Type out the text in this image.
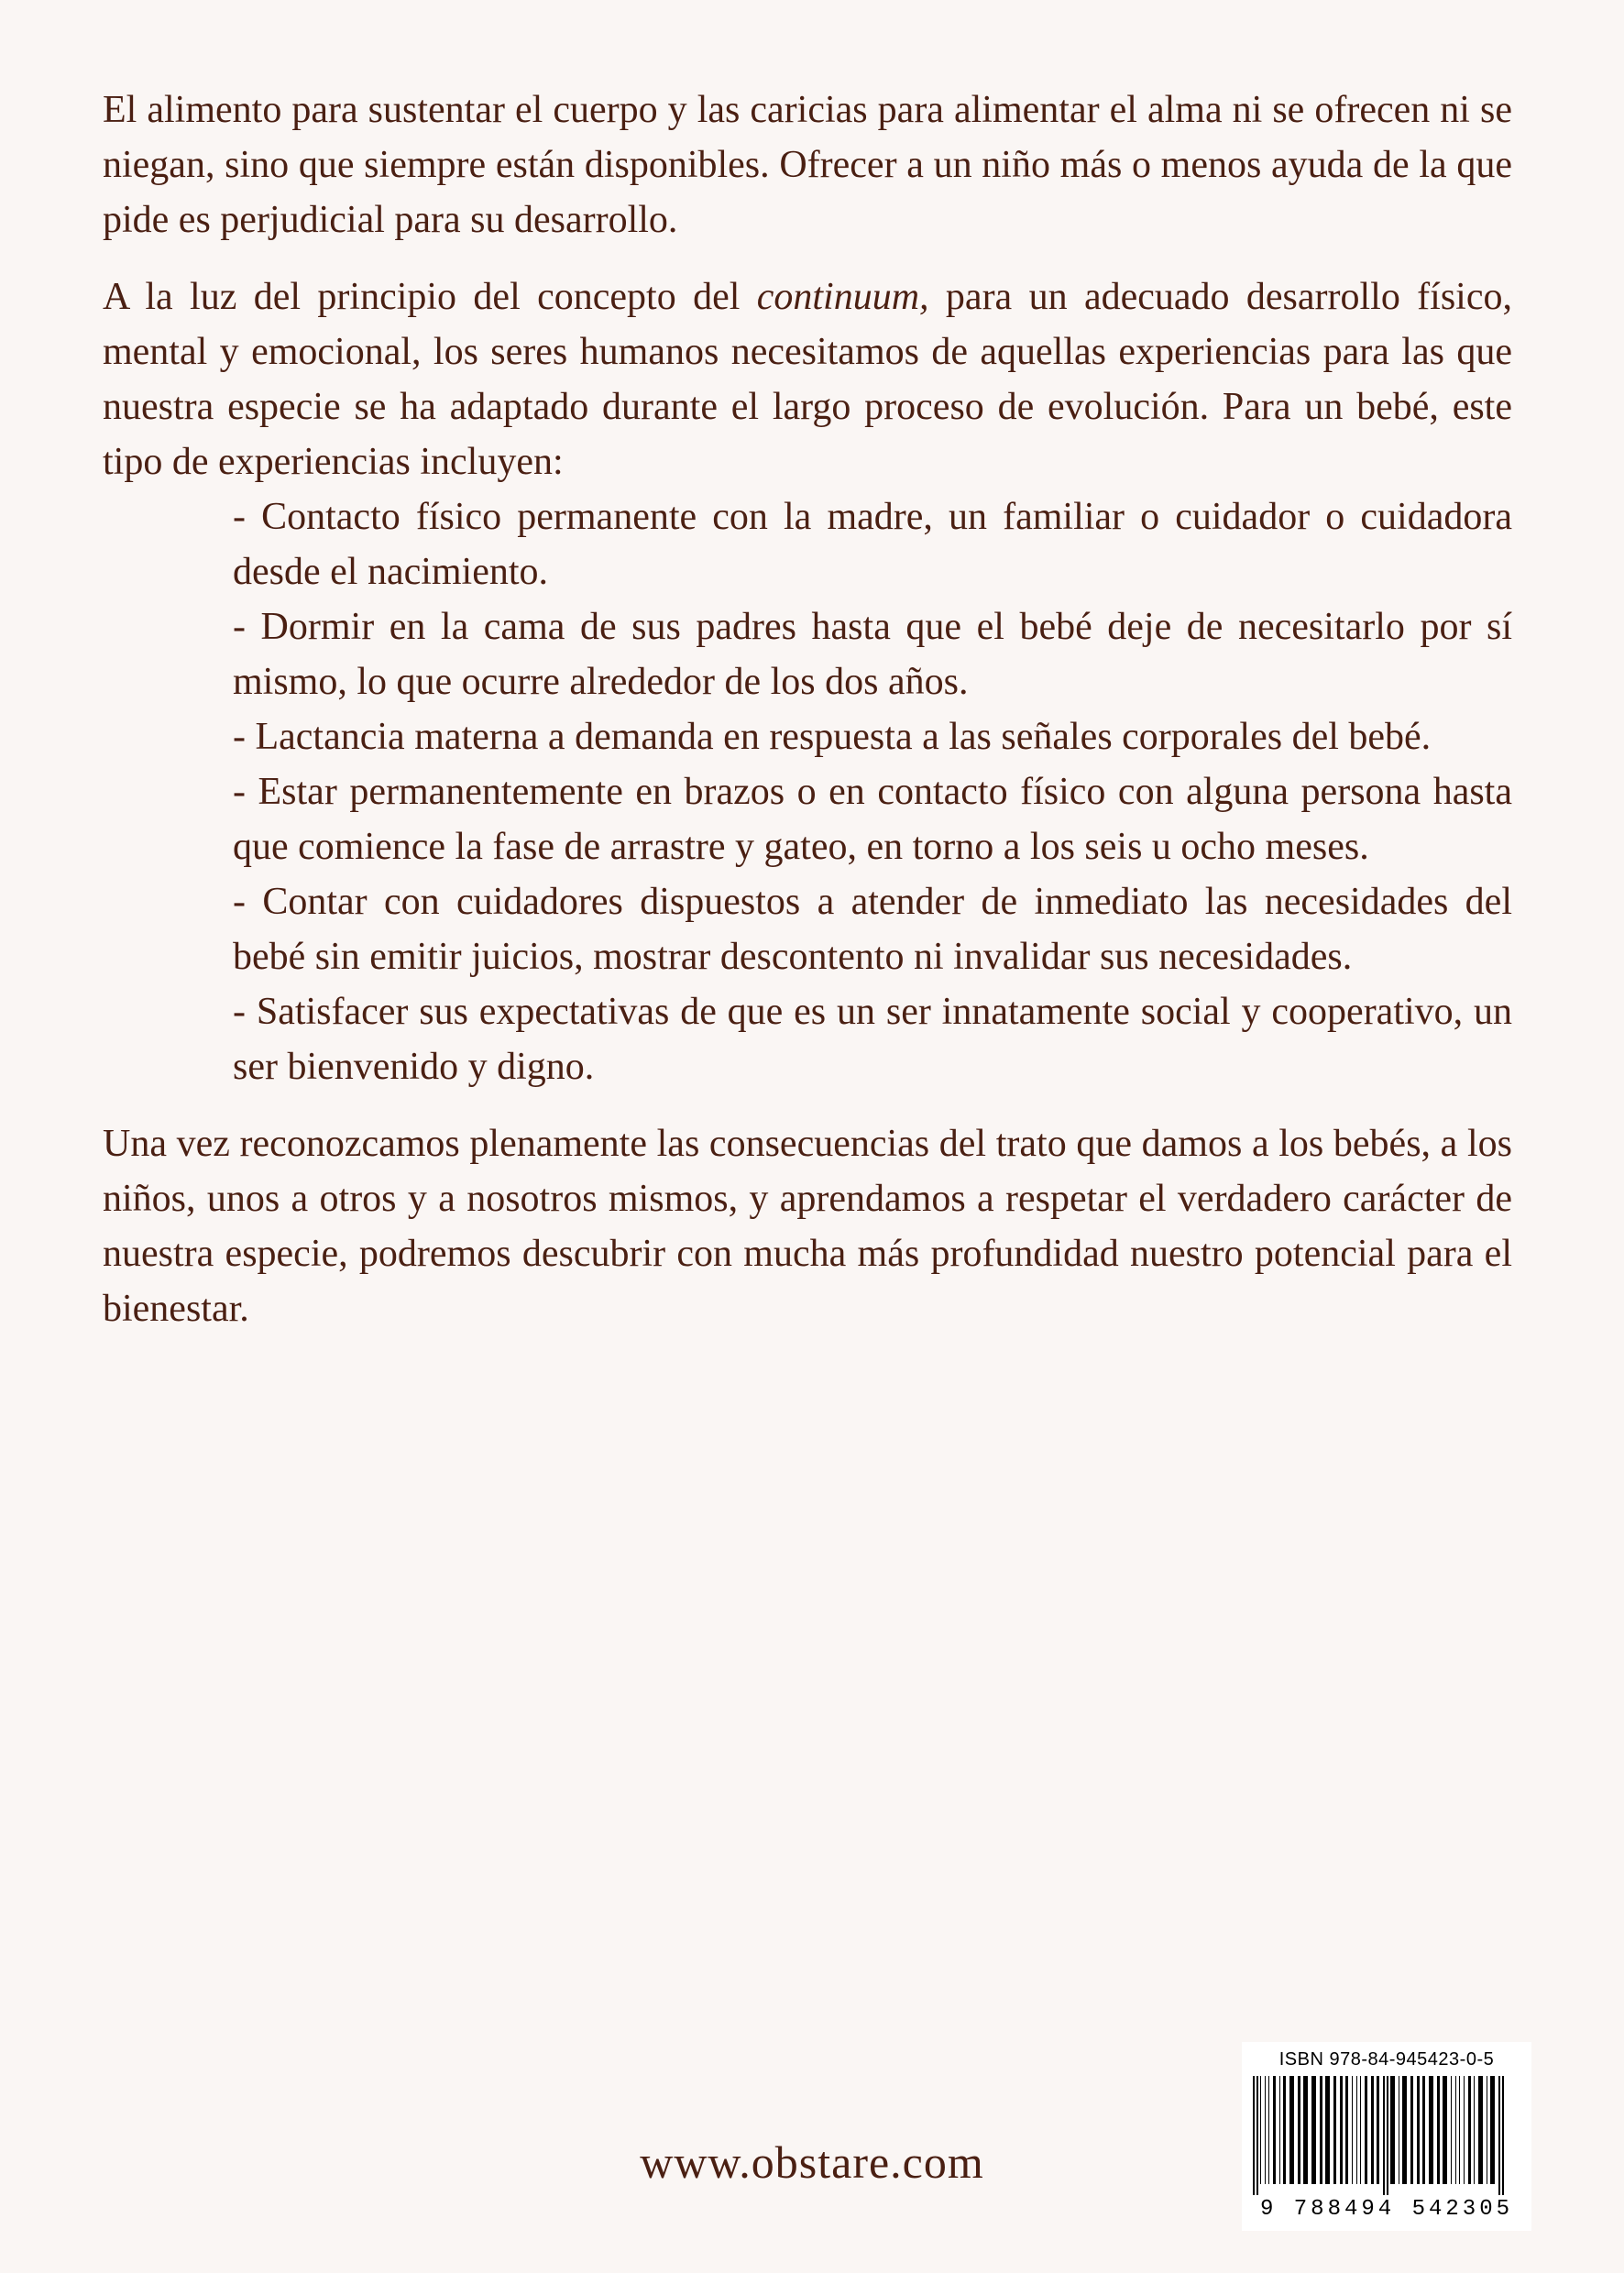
El alimento para sustentar el cuerpo y las caricias para alimentar el alma ni se ofrecen ni se niegan, sino que siempre están disponibles. Ofrecer a un niño más o menos ayuda de la que pide es perjudicial para su desarrollo.

A la luz del principio del concepto del continuum, para un adecuado desarrollo físico, mental y emocional, los seres humanos necesitamos de aquellas experiencias para las que nuestra especie se ha adaptado durante el largo proceso de evolución. Para un bebé, este tipo de experiencias incluyen:

- Contacto físico permanente con la madre, un familiar o cuidador o cuidadora desde el nacimiento.
- Dormir en la cama de sus padres hasta que el bebé deje de necesitarlo por sí mismo, lo que ocurre alrededor de los dos años.
- Lactancia materna a demanda en respuesta a las señales corporales del bebé.
- Estar permanentemente en brazos o en contacto físico con alguna persona hasta que comience la fase de arrastre y gateo, en torno a los seis u ocho meses.
- Contar con cuidadores dispuestos a atender de inmediato las necesidades del bebé sin emitir juicios, mostrar descontento ni invalidar sus necesidades.
- Satisfacer sus expectativas de que es un ser innatamente social y cooperativo, un ser bienvenido y digno.

Una vez reconozcamos plenamente las consecuencias del trato que damos a los bebés, a los niños, unos a otros y a nosotros mismos, y aprendamos a respetar el verdadero carácter de nuestra especie, podremos descubrir con mucha más profundidad nuestro potencial para el bienestar.

ISBN 978-84-945423-0-5
9 788494 542305
www.obstare.com
